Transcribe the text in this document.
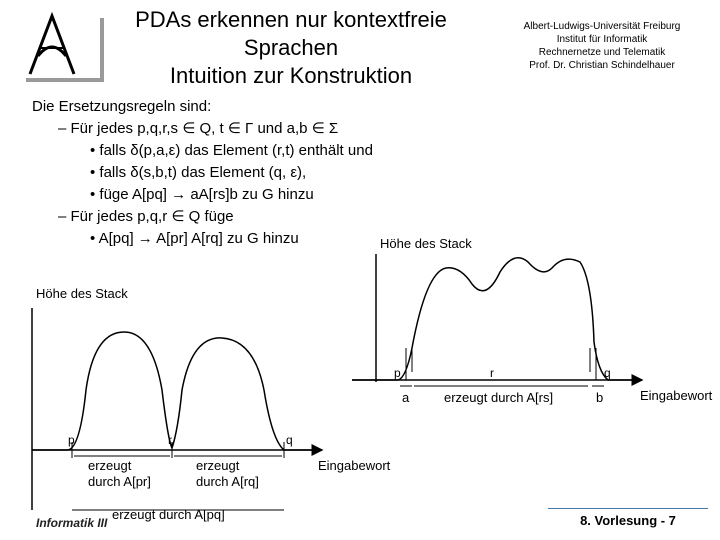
PDAs erkennen nur kontextfreie
Sprachen
Intuition zur Konstruktion
Albert-Ludwigs-Universität Freiburg
Institut für Informatik
Rechnernetze und Telematik
Prof. Dr. Christian Schindelhauer
Die Ersetzungsregeln sind:
– Für jedes p,q,r,s ∈ Q, t ∈ Γ und a,b ∈ Σ
• falls δ(p,a,ε) das Element (r,t) enthält und
• falls δ(s,b,t) das Element (q, ε),
• füge A[pq] → aA[rs]b zu G hinzu
– Für jedes p,q,r ∈ Q füge
• A[pq] → A[pr] A[rq] zu G hinzu
Höhe des Stack
Eingabewort
p	r	q
erzeugt durch A[pr]
erzeugt durch A[rq]
erzeugt durch A[pq]
Höhe des Stack
Eingabewort
p	r	q
a	b
erzeugt durch A[rs]
Informatik III	8. Vorlesung - 7
